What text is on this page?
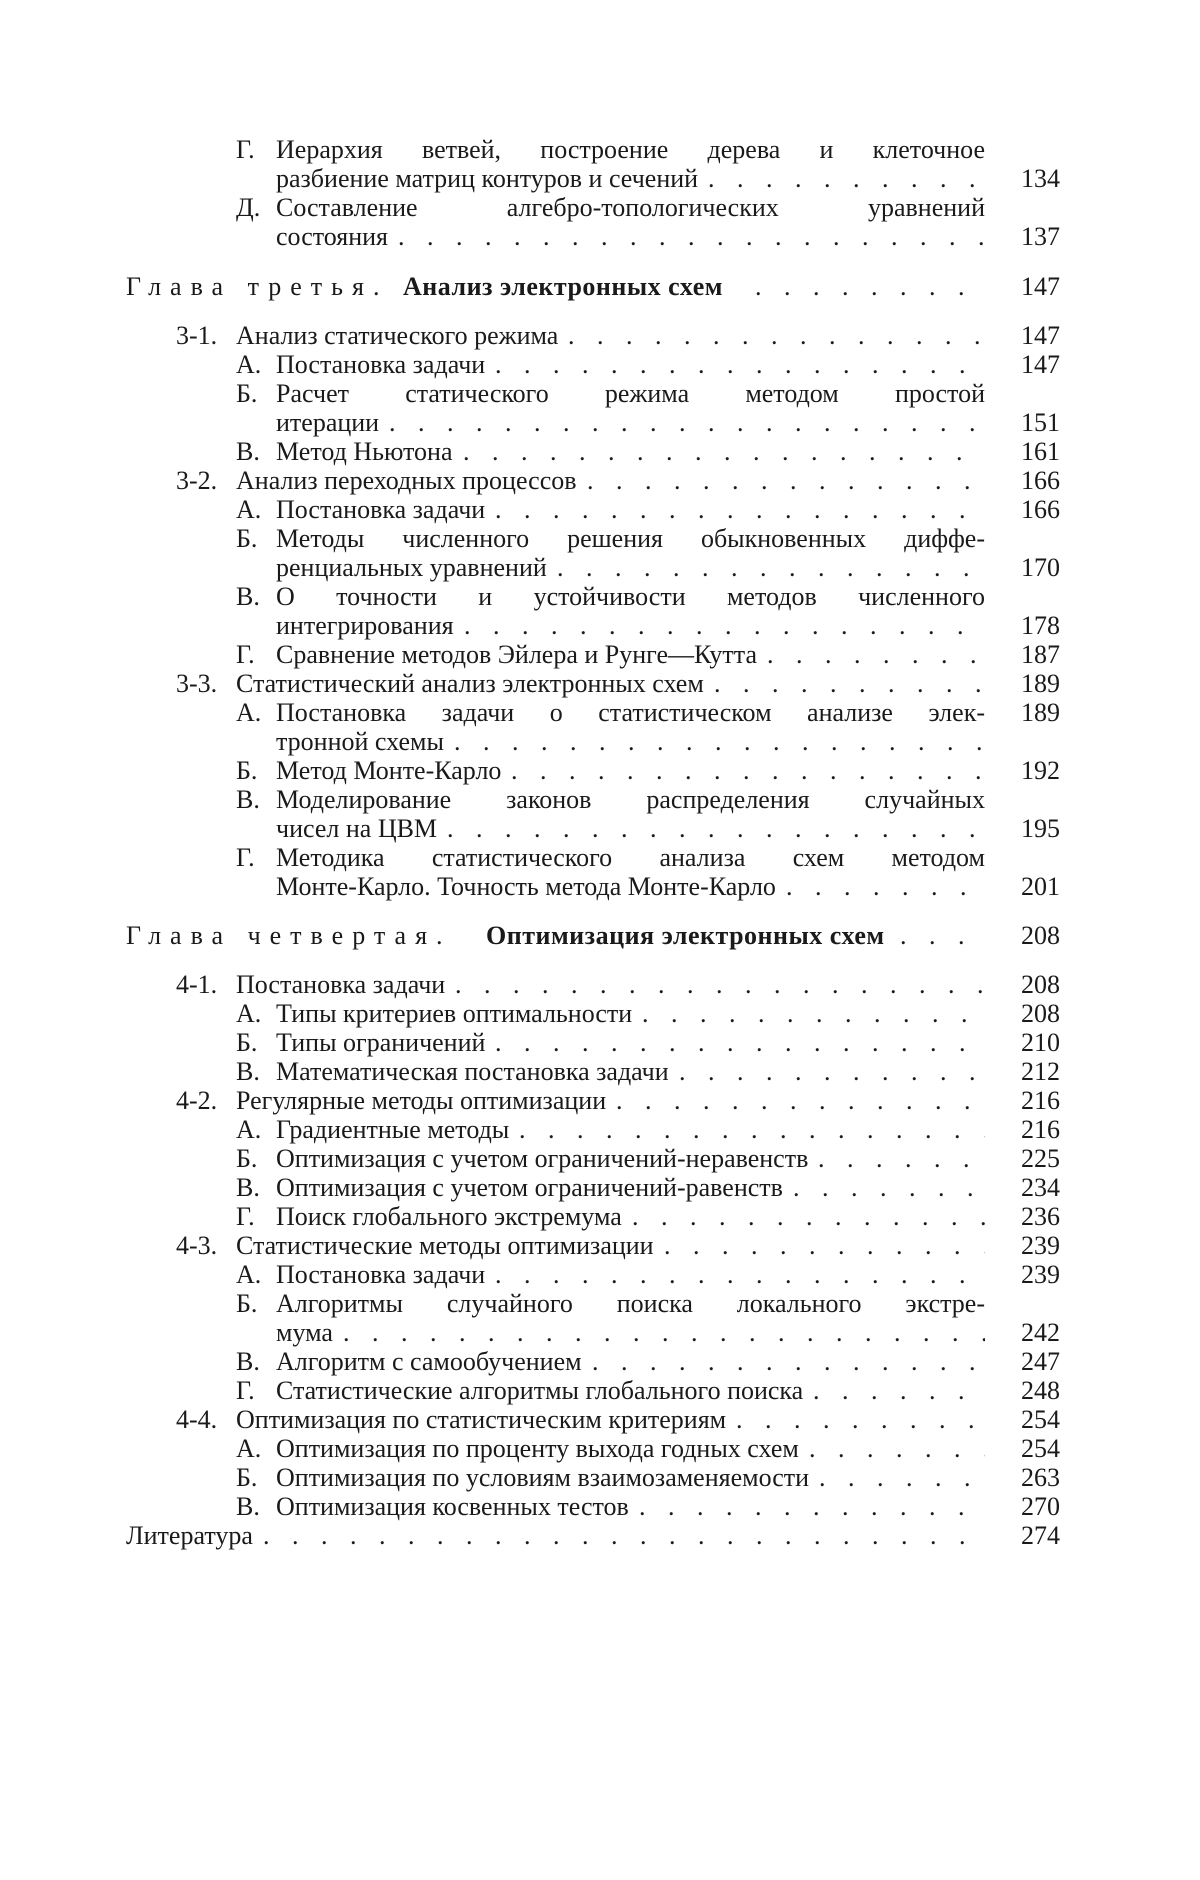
Г. Иерархия ветвей, построение дерева и клеточное
разбиение матриц контуров и сечений . . .	134
Д. Составление алгебро-топологических уравнений
состояния . . .	137
Глава третья. Анализ электронных схем . . .	147
3-1. Анализ статического режима . . .	147
А. Постановка задачи . . .	147
Б. Расчет статического режима методом простой
итерации . . .	151
В. Метод Ньютона . . .	161
3-2. Анализ переходных процессов . . .	166
А. Постановка задачи . . .	166
Б. Методы численного решения обыкновенных диффе-
ренциальных уравнений . . .	170
В. О точности и устойчивости методов численного
интегрирования . . .	178
Г. Сравнение методов Эйлера и Рунге—Кутта . . .	187
3-3. Статистический анализ электронных схем . . .	189
А. Постановка задачи о статистическом анализе элек-	189
тронной схемы
. . .
Б. Метод Монте-Карло . . .	192
В. Моделирование законов распределения случайных
чисел на ЦВМ . . .	195
Г. Методика статистического анализа схем методом
Монте-Карло. Точность метода Монте-Карло . . .	201
Глава четвертая. Оптимизация электронных схем . . .	208
4-1. Постановка задачи . . .	208
А. Типы критериев оптимальности . . .	208
Б. Типы ограничений . . .	210
В. Математическая постановка задачи . . .	212
4-2. Регулярные методы оптимизации . . .	216
А. Градиентные методы . . .	216
Б. Оптимизация с учетом ограничений-неравенств . . .	225
В. Оптимизация с учетом ограничений-равенств . . .	234
Г. Поиск глобального экстремума . . .	236
4-3. Статистические методы оптимизации . . .	239
А. Постановка задачи . . .	239
Б. Алгоритмы случайного поиска локального экстре-
мума . . .	242
В. Алгоритм с самообучением . . .	247
Г. Статистические алгоритмы глобального поиска . . .	248
4-4. Оптимизация по статистическим критериям . . .	254
А. Оптимизация по проценту выхода годных схем . . .	254
Б. Оптимизация по условиям взаимозаменяемости . . .	263
В. Оптимизация косвенных тестов . . .	270
Литература . . .	274
